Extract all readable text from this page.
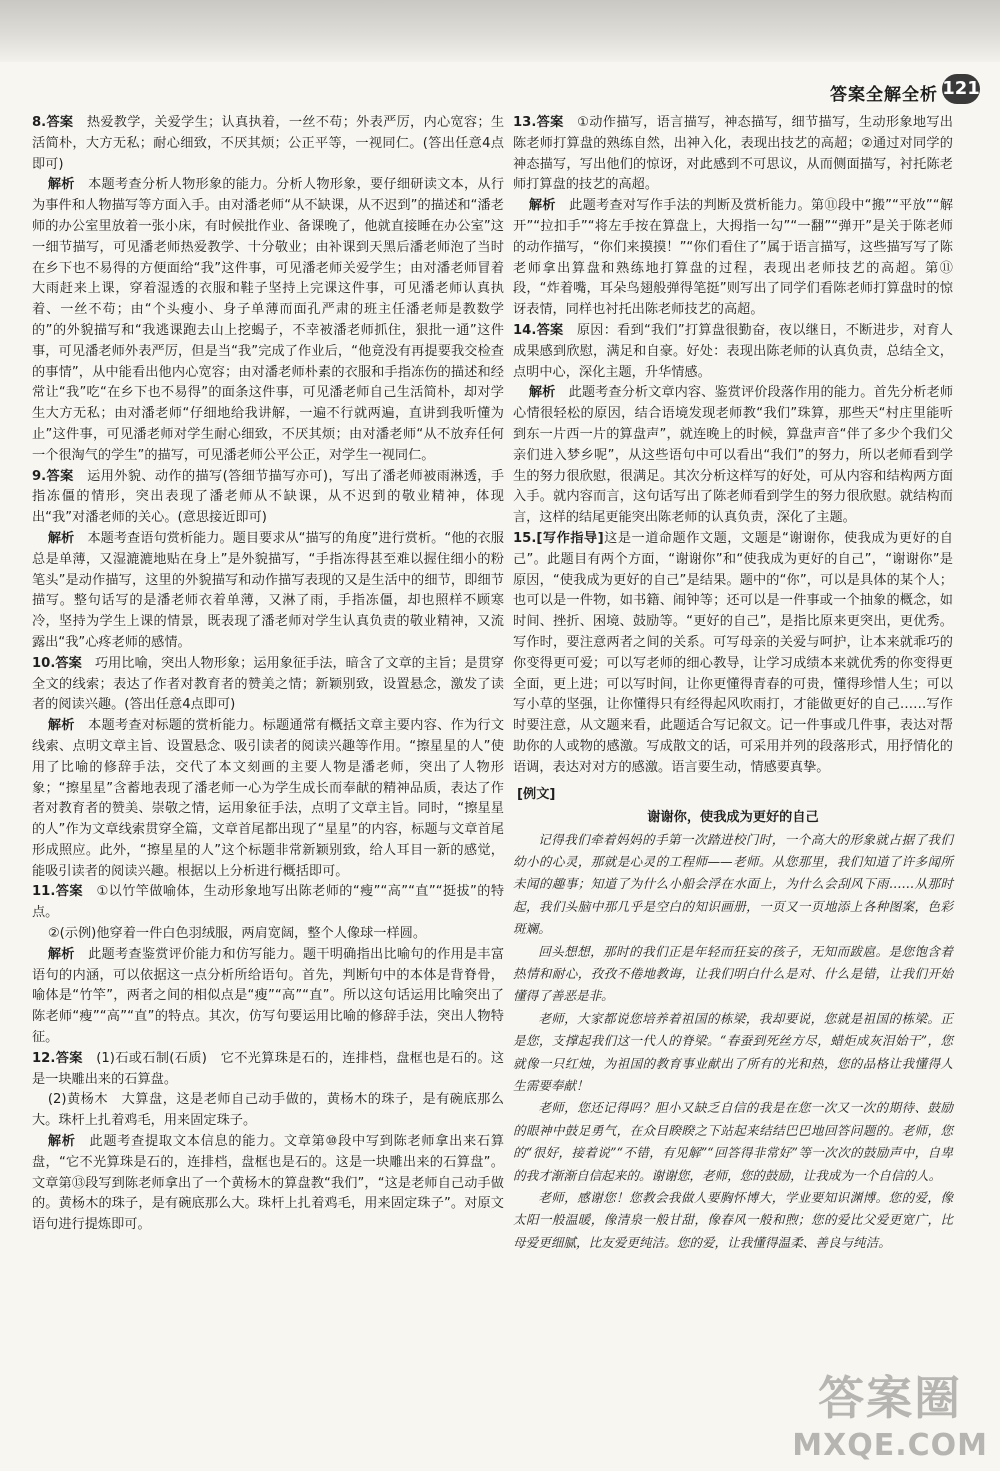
答案全解全析 121

8.答案　 热爱教学，关爱学生；认真执着，一丝不苟；外表严厉，内心宽容；生活简朴，大方无私；耐心细致，不厌其烦；公正平等，一视同仁。(答出任意4点即可)

解析　 本题考查分析人物形象的能力。分析人物形象，要仔细研读文本，从行为事件和人物描写等方面入手。由对潘老师“从不缺课，从不迟到”的描述和“潘老师的办公室里放着一张小床，有时候批作业、备课晚了，他就直接睡在办公室”这一细节描写，可见潘老师热爱教学、十分敬业；由补课到天黑后潘老师泡了当时在乡下也不易得的方便面给“我”这件事，可见潘老师关爱学生；由对潘老师冒着大雨赶来上课，穿着湿透的衣服和鞋子坚持上完课这件事，可见潘老师认真执着、一丝不苟；由“个头瘦小、身子单薄而面孔严肃的班主任潘老师是教数学的”的外貌描写和“我逃课跑去山上挖蝎子，不幸被潘老师抓住，狠批一通”这件事，可见潘老师外表严厉，但是当“我”完成了作业后，“他竟没有再提要我交检查的事情”，从中能看出他内心宽容；由对潘老师朴素的衣服和手指冻伤的描述和经常让“我”吃“在乡下也不易得”的面条这件事，可见潘老师自己生活简朴，却对学生大方无私；由对潘老师“仔细地给我讲解，一遍不行就两遍，直讲到我听懂为止”这件事，可见潘老师对学生耐心细致，不厌其烦；由对潘老师“从不放弃任何一个很淘气的学生”的描写，可见潘老师公平公正，对学生一视同仁。

9.答案　 运用外貌、动作的描写(答细节描写亦可)，写出了潘老师被雨淋透，手指冻僵的情形，突出表现了潘老师从不缺课，从不迟到的敬业精神，体现出“我”对潘老师的关心。(意思接近即可)

解析　 本题考查语句赏析能力。题目要求从“描写的角度”进行赏析。“他的衣服总是单薄，又湿漉漉地贴在身上”是外貌描写，“手指冻得甚至难以握住细小的粉笔头”是动作描写，这里的外貌描写和动作描写表现的又是生活中的细节，即细节描写。整句话写的是潘老师衣着单薄，又淋了雨，手指冻僵，却也照样不顾寒冷，坚持为学生上课的情景，既表现了潘老师对学生认真负责的敬业精神，又流露出“我”心疼老师的感情。

10.答案　 巧用比喻，突出人物形象；运用象征手法，暗含了文章的主旨；是贯穿全文的线索；表达了作者对教育者的赞美之情；新颖别致，设置悬念，激发了读者的阅读兴趣。(答出任意4点即可)

解析　 本题考查对标题的赏析能力。标题通常有概括文章主要内容、作为行文线索、点明文章主旨、设置悬念、吸引读者的阅读兴趣等作用。“擦星星的人”使用了比喻的修辞手法，交代了本文刻画的主要人物是潘老师，突出了人物形象；“擦星星”含蓄地表现了潘老师一心为学生成长而奉献的精神品质，表达了作者对教育者的赞美、崇敬之情，运用象征手法，点明了文章主旨。同时，“擦星星的人”作为文章线索贯穿全篇，文章首尾都出现了“星星”的内容，标题与文章首尾形成照应。此外，“擦星星的人”这个标题非常新颖别致，给人耳目一新的感觉，能吸引读者的阅读兴趣。根据以上分析进行概括即可。

11.答案　 ①以竹竿做喻体，生动形象地写出陈老师的“瘦”“高”“直”“挺拔”的特点。

②(示例)他穿着一件白色羽绒服，两肩宽阔，整个人像球一样圆。

解析　 此题考查鉴赏评价能力和仿写能力。题干明确指出比喻句的作用是丰富语句的内涵，可以依据这一点分析所给语句。首先，判断句中的本体是背脊骨，喻体是“竹竿”，两者之间的相似点是“瘦”“高”“直”。所以这句话运用比喻突出了陈老师“瘦”“高”“直”的特点。其次，仿写句要运用比喻的修辞手法，突出人物特征。

12.答案　 (1)石或石制(石质)　它不光算珠是石的，连排档，盘框也是石的。这是一块雕出来的石算盘。

(2)黄杨木　大算盘，这是老师自己动手做的，黄杨木的珠子，是有碗底那么大。珠杆上扎着鸡毛，用来固定珠子。

解析　 此题考查提取文本信息的能力。文章第⑩段中写到陈老师拿出来石算盘，“它不光算珠是石的，连排档，盘框也是石的。这是一块雕出来的石算盘”。文章第⑬段写到陈老师拿出了一个黄杨木的算盘教“我们”，“这是老师自己动手做的。黄杨木的珠子，是有碗底那么大。珠杆上扎着鸡毛，用来固定珠子”。对原文语句进行提炼即可。

13.答案　 ①动作描写，语言描写，神态描写，细节描写，生动形象地写出陈老师打算盘的熟练自然，出神入化，表现出技艺的高超；②通过对同学的神态描写，写出他们的惊讶，对此感到不可思议，从而侧面描写，衬托陈老师打算盘的技艺的高超。

解析　 此题考查对写作手法的判断及赏析能力。第⑪段中“搬”“平放”“解开”“拉扣手”“将左手按在算盘上，大拇指一勾”“一翻”“弹开”是关于陈老师的动作描写，“你们来摸摸！”“你们看住了”属于语言描写，这些描写写了陈老师拿出算盘和熟练地打算盘的过程，表现出老师技艺的高超。第⑪段，“炸着嘴，耳朵鸟翅般弹得笔挺”则写出了同学们看陈老师打算盘时的惊讶表情，同样也衬托出陈老师技艺的高超。

14.答案　 原因：看到“我们”打算盘很勤奋，夜以继日，不断进步，对育人成果感到欣慰，满足和自豪。好处：表现出陈老师的认真负责，总结全文，点明中心，深化主题，升华情感。

解析　 此题考查分析文章内容、鉴赏评价段落作用的能力。首先分析老师心情很轻松的原因，结合语境发现老师教“我们”珠算，那些天“村庄里能听到东一片西一片的算盘声”，就连晚上的时候，算盘声音“伴了多少个我们父亲们进入梦乡呢”，从这些语句中可以看出“我们”的努力，所以老师看到学生的努力很欣慰，很满足。其次分析这样写的好处，可从内容和结构两方面入手。就内容而言，这句话写出了陈老师看到学生的努力很欣慰。就结构而言，这样的结尾更能突出陈老师的认真负责，深化了主题。

15.[写作指导]这是一道命题作文题，文题是“谢谢你，使我成为更好的自己”。此题目有两个方面，“谢谢你”和“使我成为更好的自己”，“谢谢你”是原因，“使我成为更好的自己”是结果。题中的“你”，可以是具体的某个人；也可以是一件物，如书籍、闹钟等；还可以是一件事或一个抽象的概念，如时间、挫折、困境、鼓励等。“更好的自己”，是指比原来更突出，更优秀。写作时，要注意两者之间的关系。可写母亲的关爱与呵护，让本来就乖巧的你变得更可爱；可以写老师的细心教导，让学习成绩本来就优秀的你变得更全面，更上进；可以写时间，让你更懂得青春的可贵，懂得珍惜人生；可以写小草的坚强，让你懂得只有经得起风吹雨打，才能做更好的自己……写作时要注意，从文题来看，此题适合写记叙文。记一件事或几件事，表达对帮助你的人或物的感激。写成散文的话，可采用并列的段落形式，用抒情化的语调，表达对对方的感激。语言要生动，情感要真挚。

[例文]
谢谢你，使我成为更好的自己

记得我们牵着妈妈的手第一次踏进校门时，一个高大的形象就占据了我们幼小的心灵，那就是心灵的工程师——老师。从您那里，我们知道了许多闻所未闻的趣事；知道了为什么小船会浮在水面上，为什么会刮风下雨……从那时起，我们头脑中那几乎是空白的知识画册，一页又一页地添上各种图案，色彩斑斓。

回头想想，那时的我们正是年轻而狂妄的孩子，无知而跋扈。是您饱含着热情和耐心，孜孜不倦地教诲，让我们明白什么是对、什么是错，让我们开始懂得了善恶是非。

老师，大家都说您培养着祖国的栋梁，我却要说，您就是祖国的栋梁。正是您，支撑起我们这一代人的脊梁。“春蚕到死丝方尽，蜡炬成灰泪始干”，您就像一只红烛，为祖国的教育事业献出了所有的光和热，您的品格让我懂得人生需要奉献！

老师，您还记得吗？胆小又缺乏自信的我是在您一次又一次的期待、鼓励的眼神中鼓足勇气，在众目睽睽之下站起来结结巴巴地回答问题的。老师，您的“很好，接着说”“不错，有见解”“回答得非常好”等一次次的鼓励声中，自卑的我才渐渐自信起来的。谢谢您，老师，您的鼓励，让我成为一个自信的人。

老师，感谢您！您教会我做人要胸怀博大，学业要知识渊博。您的爱，像太阳一般温暖，像清泉一般甘甜，像春风一般和煦；您的爱比父爱更宽广，比母爱更细腻，比友爱更纯洁。您的爱，让我懂得温柔、善良与纯洁。

答案圈
MXQE.COM
